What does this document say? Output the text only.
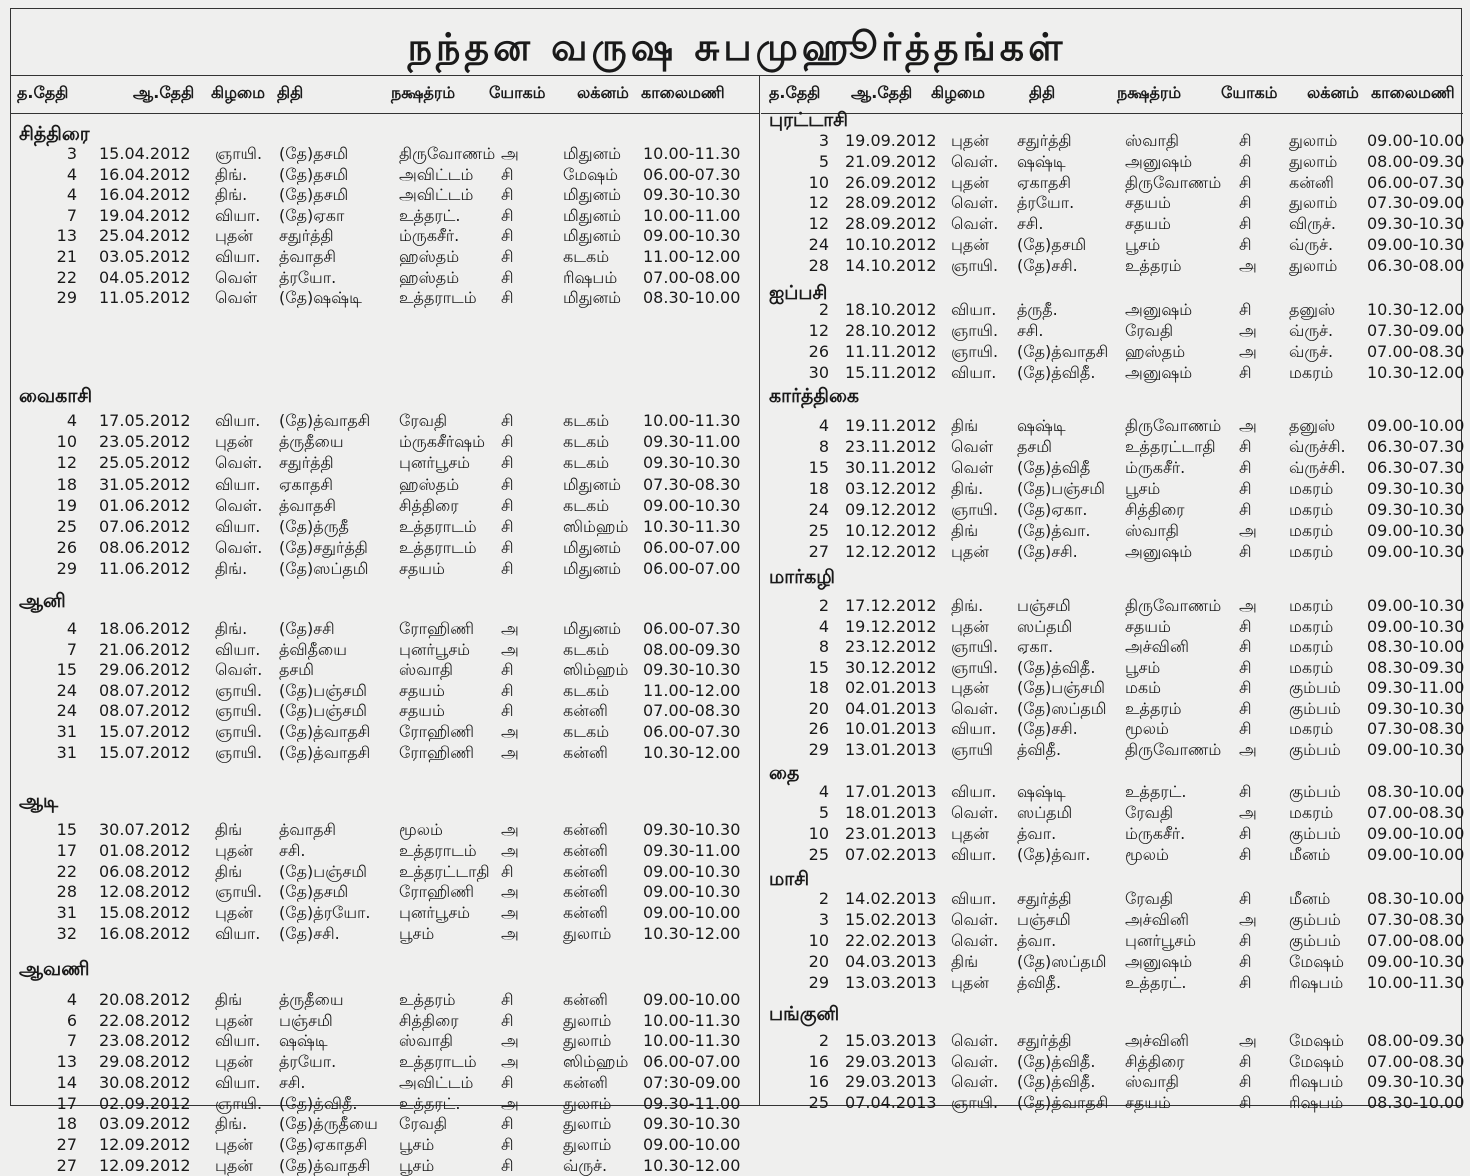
நந்தன வருஷ சுபமுஹூர்த்தங்கள்
த.தேதி	ஆ.தேதி கிழமை திதி	நக்ஷத்ரம் யோகம் லக்னம் காலைமணி
சித்திரை
3 15.04.2012 ஞாயி. (தே)தசமி	திருவோணம் அ	மிதுனம் 10.00-11.30
4 16.04.2012 திங். (தே)தசமி	அவிட்டம் சி	மேஷம் 06.00-07.30
4 16.04.2012 திங். (தே)தசமி	அவிட்டம் சி	மிதுனம் 09.30-10.30
7 19.04.2012 வியா. (தே)ஏகா	உத்தரட்.	சி	மிதுனம் 10.00-11.00
13 25.04.2012 புதன் சதுர்த்தி	ம்ருகசீர்.	சி	மிதுனம் 09.00-10.30
21 03.05.2012 வியா. த்வாதசி	ஹஸ்தம்	சி	கடகம் 11.00-12.00
22 04.05.2012 வெள் த்ரயோ.	ஹஸ்தம்	சி	ரிஷபம் 07.00-08.00
29 11.05.2012 வெள் (தே)ஷஷ்டி உத்தராடம் சி	மிதுனம் 08.30-10.00
வைகாசி
4 17.05.2012 வியா. (தே)த்வாதசி ரேவதி	சி	கடகம் 10.00-11.30
10 23.05.2012 புதன் த்ருதீயை	ம்ருகசீர்ஷம் சி	கடகம் 09.30-11.00
12 25.05.2012 வெள். சதுர்த்தி	புனர்பூசம் சி	கடகம் 09.30-10.30
18 31.05.2012 வியா. ஏகாதசி	ஹஸ்தம்	சி	மிதுனம் 07.30-08.30
19 01.06.2012 வெள். த்வாதசி	சித்திரை	சி	கடகம் 09.00-10.30
25 07.06.2012 வியா. (தே)த்ருதீ	உத்தராடம் சி	ஸிம்ஹம் 10.30-11.30
26 08.06.2012 வெள். (தே)சதுர்த்தி உத்தராடம் சி	மிதுனம் 06.00-07.00
29 11.06.2012 திங். (தே)ஸப்தமி சதயம்	சி	மிதுனம் 06.00-07.00
ஆனி
4 18.06.2012 திங். (தே)சசி	ரோஹிணி அ	மிதுனம் 06.00-07.30
7 21.06.2012 வியா. த்விதீயை	புனர்பூசம் அ	கடகம் 08.00-09.30
15 29.06.2012 வெள். தசமி	ஸ்வாதி	சி	ஸிம்ஹம் 09.30-10.30
24 08.07.2012 ஞாயி. (தே)பஞ்சமி சதயம்	சி	கடகம் 11.00-12.00
24 08.07.2012 ஞாயி. (தே)பஞ்சமி சதயம்	சி	கன்னி 07.00-08.30
31 15.07.2012 ஞாயி. (தே)த்வாதசி ரோஹிணி அ	கடகம் 06.00-07.30
31 15.07.2012 ஞாயி. (தே)த்வாதசி ரோஹிணி அ	கன்னி 10.30-12.00
ஆடி
15 30.07.2012 திங் த்வாதசி	மூலம்	அ	கன்னி 09.30-10.30
17 01.08.2012 புதன் சசி.	உத்தராடம் அ	கன்னி 09.30-11.00
22 06.08.2012 திங் (தே)பஞ்சமி உத்தரட்டாதி சி	கன்னி 09.00-10.30
28 12.08.2012 ஞாயி. (தே)தசமி	ரோஹிணி அ	கன்னி 09.00-10.30
31 15.08.2012 புதன் (தே)த்ரயோ. புனர்பூசம் அ	கன்னி 09.00-10.00
32 16.08.2012 வியா. (தே)சசி.	பூசம்	அ	துலாம் 10.30-12.00
ஆவணி
4 20.08.2012 திங் த்ருதீயை	உத்தரம்	சி	கன்னி 09.00-10.00
6 22.08.2012 புதன் பஞ்சமி	சித்திரை	சி	துலாம் 10.00-11.30
7 23.08.2012 வியா. ஷஷ்டி	ஸ்வாதி	அ	துலாம் 10.00-11.30
13 29.08.2012 புதன் த்ரயோ.	உத்தராடம் அ	ஸிம்ஹம் 06.00-07.00
14 30.08.2012 வியா. சசி.	அவிட்டம் சி	கன்னி 07:30-09.00
17 02.09.2012 ஞாயி. (தே)த்விதீ.	உத்தரட்.	அ	துலாம் 09.30-11.00
18 03.09.2012 திங். (தே)த்ருதீயை ரேவதி	சி	துலாம் 09.30-10.30
27 12.09.2012 புதன் (தே)ஏகாதசி பூசம்	சி	துலாம் 09.00-10.00
27 12.09.2012 புதன் (தே)த்வாதசி பூசம்	சி	வ்ருச். 10.30-12.00
த.தேதி ஆ.தேதி கிழமை	திதி	நக்ஷத்ரம் யோகம் லக்னம் காலைமணி
புரட்டாசி
3 19.09.2012 புதன் சதுர்த்தி	ஸ்வாதி	சி துலாம் 09.00-10.00
5 21.09.2012 வெள். ஷஷ்டி	அனுஷம்	சி துலாம் 08.00-09.30
10 26.09.2012 புதன் ஏகாதசி	திருவோணம் சி கன்னி 06.00-07.30
12 28.09.2012 வெள். த்ரயோ.	சதயம்	சி துலாம் 07.30-09.00
12 28.09.2012 வெள். சசி.	சதயம்	சி விருச். 09.30-10.30
24 10.10.2012 புதன் (தே)தசமி பூசம்	சி வ்ருச். 09.00-10.30
28 14.10.2012 ஞாயி. (தே)சசி.	உத்தரம்	அ துலாம் 06.30-08.00
ஐப்பசி
2 18.10.2012 வியா. த்ருதீ.	அனுஷம்	சி தனுஸ் 10.30-12.00
12 28.10.2012 ஞாயி. சசி.	ரேவதி	அ வ்ருச். 07.30-09.00
26 11.11.2012 ஞாயி. (தே)த்வாதசி ஹஸ்தம்	அ வ்ருச். 07.00-08.30
30 15.11.2012 வியா. (தே)த்விதீ. அனுஷம்	சி மகரம் 10.30-12.00
கார்த்திகை
4 19.11.2012 திங் ஷஷ்டி	திருவோணம் அ தனுஸ் 09.00-10.00
8 23.11.2012 வெள் தசமி	உத்தரட்டாதி சி வ்ருச்சி. 06.30-07.30
15 30.11.2012 வெள் (தே)த்விதீ ம்ருகசீர்.	சி வ்ருச்சி. 06.30-07.30
18 03.12.2012 திங். (தே)பஞ்சமி பூசம்	சி மகரம் 09.30-10.30
24 09.12.2012 ஞாயி. (தே)ஏகா. சித்திரை	சி மகரம் 09.30-10.30
25 10.12.2012 திங் (தே)த்வா. ஸ்வாதி	அ மகரம் 09.00-10.30
27 12.12.2012 புதன் (தே)சசி.	அனுஷம்	சி மகரம் 09.00-10.30
மார்கழி
2 17.12.2012 திங். பஞ்சமி	திருவோணம் அ மகரம் 09.00-10.30
4 19.12.2012 புதன் ஸப்தமி	சதயம்	சி மகரம் 09.00-10.30
8 23.12.2012 ஞாயி. ஏகா.	அச்வினி	சி மகரம் 08.30-10.00
15 30.12.2012 ஞாயி. (தே)த்விதீ. பூசம்	சி மகரம் 08.30-09.30
18 02.01.2013 புதன் (தே)பஞ்சமி மகம்	சி கும்பம் 09.30-11.00
20 04.01.2013 வெள். (தே)ஸப்தமி உத்தரம்	சி கும்பம் 09.30-10.30
26 10.01.2013 வியா. (தே)சசி.	மூலம்	சி மகரம் 07.30-08.30
29 13.01.2013 ஞாயி த்விதீ.	திருவோணம் அ கும்பம் 09.00-10.30
தை
4 17.01.2013 வியா. ஷஷ்டி	உத்தரட்.	சி கும்பம் 08.30-10.00
5 18.01.2013 வெள். ஸப்தமி	ரேவதி	அ மகரம் 07.00-08.30
10 23.01.2013 புதன் த்வா.	ம்ருகசீர்.	சி கும்பம் 09.00-10.00
25 07.02.2013 வியா. (தே)த்வா. மூலம்	சி மீனம் 09.00-10.00
மாசி
2 14.02.2013 வியா. சதுர்த்தி	ரேவதி	சி மீனம் 08.30-10.00
3 15.02.2013 வெள். பஞ்சமி	அச்வினி	அ கும்பம் 07.30-08.30
10 22.02.2013 வெள். த்வா.	புனர்பூசம்	சி கும்பம் 07.00-08.00
20 04.03.2013 திங் (தே)ஸப்தமி அனுஷம்	சி மேஷம் 09.00-10.30
29 13.03.2013 புதன் த்விதீ.	உத்தரட்.	சி ரிஷபம் 10.00-11.30
பங்குனி
2 15.03.2013 வெள். சதுர்த்தி	அச்வினி	அ மேஷம் 08.00-09.30
16 29.03.2013 வெள். (தே)த்விதீ. சித்திரை	சி மேஷம் 07.00-08.30
16 29.03.2013 வெள். (தே)த்விதீ. ஸ்வாதி	சி ரிஷபம் 09.30-10.30
25 07.04.2013 ஞாயி. (தே)த்வாதசி சதயம்	சி ரிஷபம் 08.30-10.00
